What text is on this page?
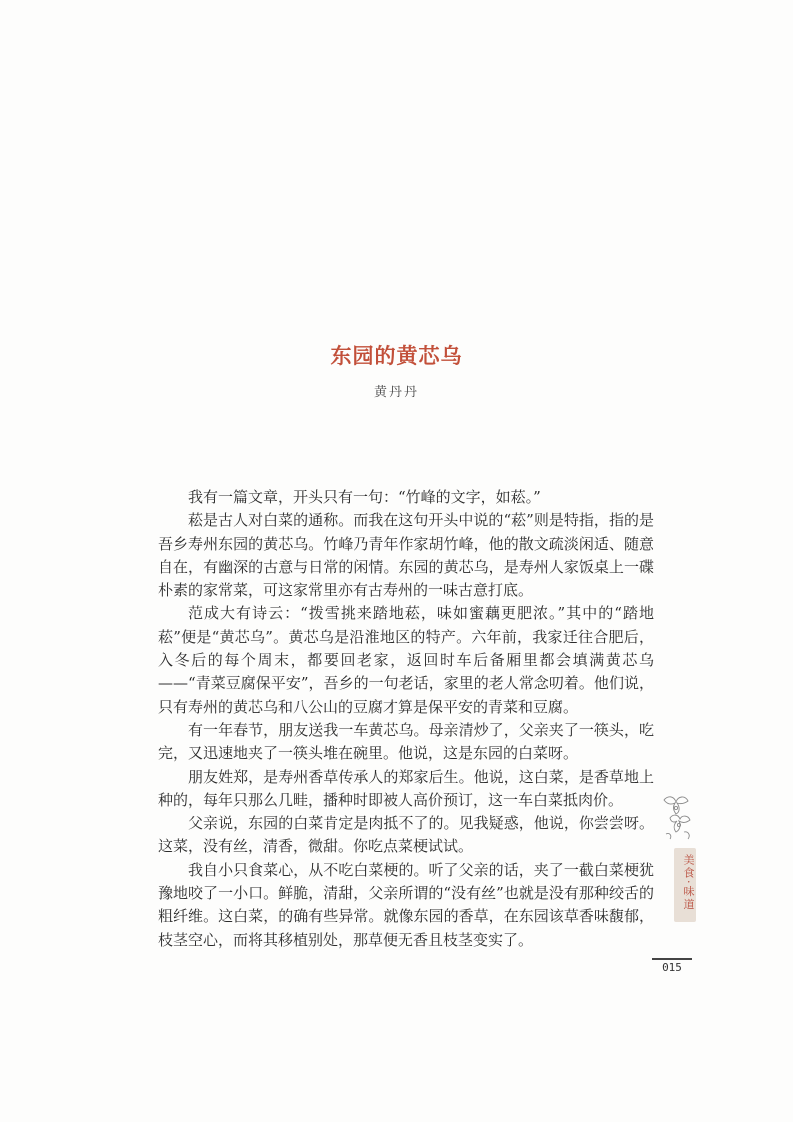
东园的黄芯乌
黄丹丹

我有一篇文章，开头只有一句：“竹峰的文字，如菘。”

菘是古人对白菜的通称。而我在这句开头中说的“菘”则是特指，指的是吾乡寿州东园的黄芯乌。竹峰乃青年作家胡竹峰，他的散文疏淡闲适、随意自在，有幽深的古意与日常的闲情。东园的黄芯乌，是寿州人家饭桌上一碟朴素的家常菜，可这家常里亦有古寿州的一味古意打底。

范成大有诗云：“拨雪挑来踏地菘，味如蜜藕更肥浓。”其中的“踏地菘”便是“黄芯乌”。黄芯乌是沿淮地区的特产。六年前，我家迁往合肥后，入冬后的每个周末，都要回老家，返回时车后备厢里都会填满黄芯乌——“青菜豆腐保平安”，吾乡的一句老话，家里的老人常念叨着。他们说，只有寿州的黄芯乌和八公山的豆腐才算是保平安的青菜和豆腐。

有一年春节，朋友送我一车黄芯乌。母亲清炒了，父亲夹了一筷头，吃完，又迅速地夹了一筷头堆在碗里。他说，这是东园的白菜呀。

朋友姓郑，是寿州香草传承人的郑家后生。他说，这白菜，是香草地上种的，每年只那么几畦，播种时即被人高价预订，这一车白菜抵肉价。

父亲说，东园的白菜肯定是肉抵不了的。见我疑惑，他说，你尝尝呀。这菜，没有丝，清香，微甜。你吃点菜梗试试。

我自小只食菜心，从不吃白菜梗的。听了父亲的话，夹了一截白菜梗犹豫地咬了一小口。鲜脆，清甜，父亲所谓的“没有丝”也就是没有那种绞舌的粗纤维。这白菜，的确有些异常。就像东园的香草，在东园该草香味馥郁，枝茎空心，而将其移植别处，那草便无香且枝茎变实了。

美食·味道
015
